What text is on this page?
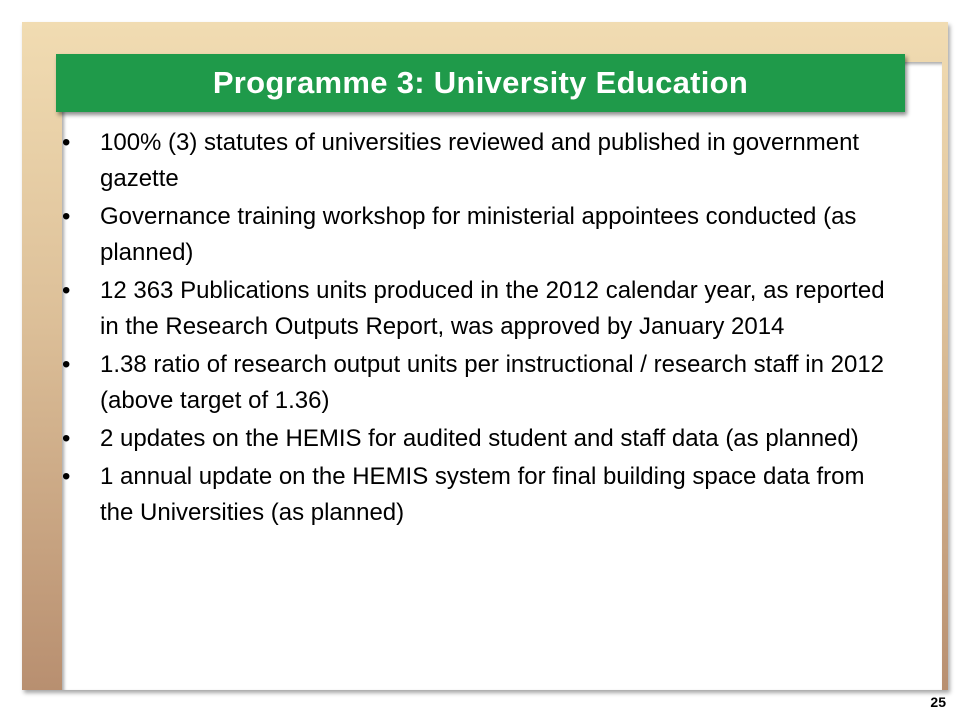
Programme 3: University Education
• 100% (3) statutes of universities reviewed and published in government gazette
• Governance training workshop for ministerial appointees conducted (as planned)
• 12 363 Publications units produced in the 2012 calendar year, as reported in the Research Outputs Report, was approved by January 2014
• 1.38 ratio of research output units per instructional / research staff in 2012 (above target of 1.36)
• 2 updates on the HEMIS for audited student and staff data (as planned)
• 1 annual update on the HEMIS system for final building space data from the Universities (as planned)
25
